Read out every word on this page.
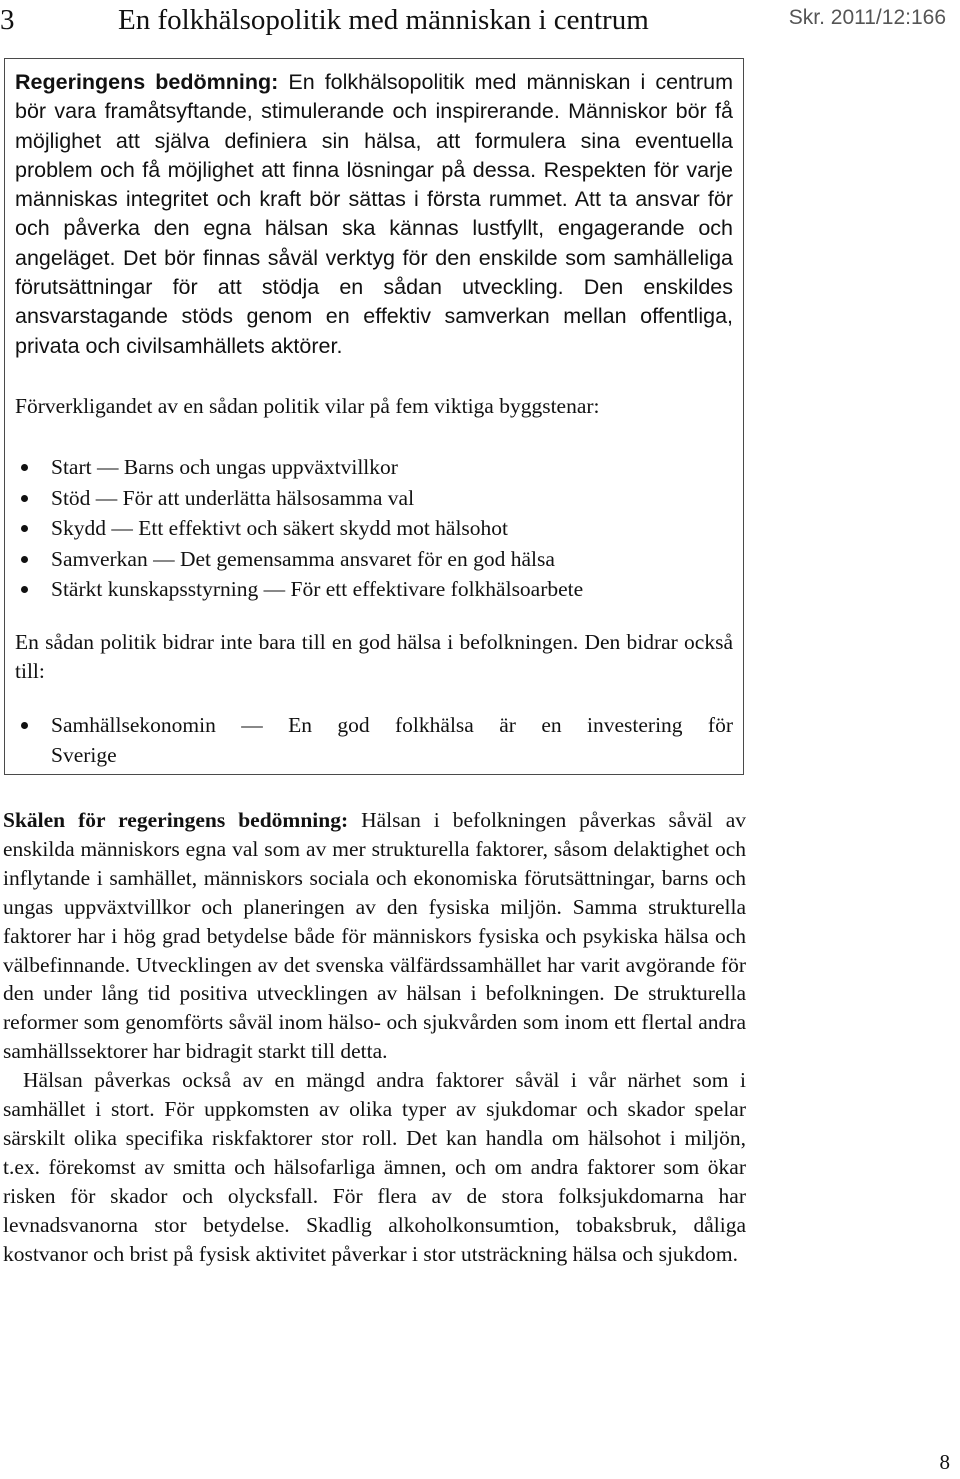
3	En folkhälsopolitik med människan i centrum	Skr. 2011/12:166

Regeringens bedömning: En folkhälsopolitik med människan i centrum bör vara framåtsyftande, stimulerande och inspirerande. Människor bör få möjlighet att själva definiera sin hälsa, att formulera sina eventuella problem och få möjlighet att finna lösningar på dessa. Respekten för varje människas integritet och kraft bör sättas i första rummet. Att ta ansvar för och påverka den egna hälsan ska kännas lustfyllt, engagerande och angeläget. Det bör finnas såväl verktyg för den enskilde som samhälleliga förutsättningar för att stödja en sådan utveckling. Den enskildes ansvarstagande stöds genom en effektiv samverkan mellan offentliga, privata och civilsamhällets aktörer.

Förverkligandet av en sådan politik vilar på fem viktiga byggstenar:

Start — Barns och ungas uppväxtvillkor
Stöd — För att underlätta hälsosamma val
Skydd — Ett effektivt och säkert skydd mot hälsohot
Samverkan — Det gemensamma ansvaret för en god hälsa
Stärkt kunskapsstyrning — För ett effektivare folkhälsoarbete

En sådan politik bidrar inte bara till en god hälsa i befolkningen. Den bidrar också till:

Samhällsekonomin — En god folkhälsa är en investering för
Sverige

Skälen för regeringens bedömning: Hälsan i befolkningen påverkas såväl av enskilda människors egna val som av mer strukturella faktorer, såsom delaktighet och inflytande i samhället, människors sociala och ekonomiska förutsättningar, barns och ungas uppväxtvillkor och planeringen av den fysiska miljön. Samma strukturella faktorer har i hög grad betydelse både för människors fysiska och psykiska hälsa och välbefinnande. Utvecklingen av det svenska välfärdssamhället har varit avgörande för den under lång tid positiva utvecklingen av hälsan i befolkningen. De strukturella reformer som genomförts såväl inom hälso- och sjukvården som inom ett flertal andra samhällssektorer har bidragit starkt till detta.

Hälsan påverkas också av en mängd andra faktorer såväl i vår närhet som i samhället i stort. För uppkomsten av olika typer av sjukdomar och skador spelar särskilt olika specifika riskfaktorer stor roll. Det kan handla om hälsohot i miljön, t.ex. förekomst av smitta och hälsofarliga ämnen, och om andra faktorer som ökar risken för skador och olycksfall. För flera av de stora folksjukdomarna har levnadsvanorna stor betydelse. Skadlig alkoholkonsumtion, tobaksbruk, dåliga kostvanor och brist på fysisk aktivitet påverkar i stor utsträckning hälsa och sjukdom.

8
